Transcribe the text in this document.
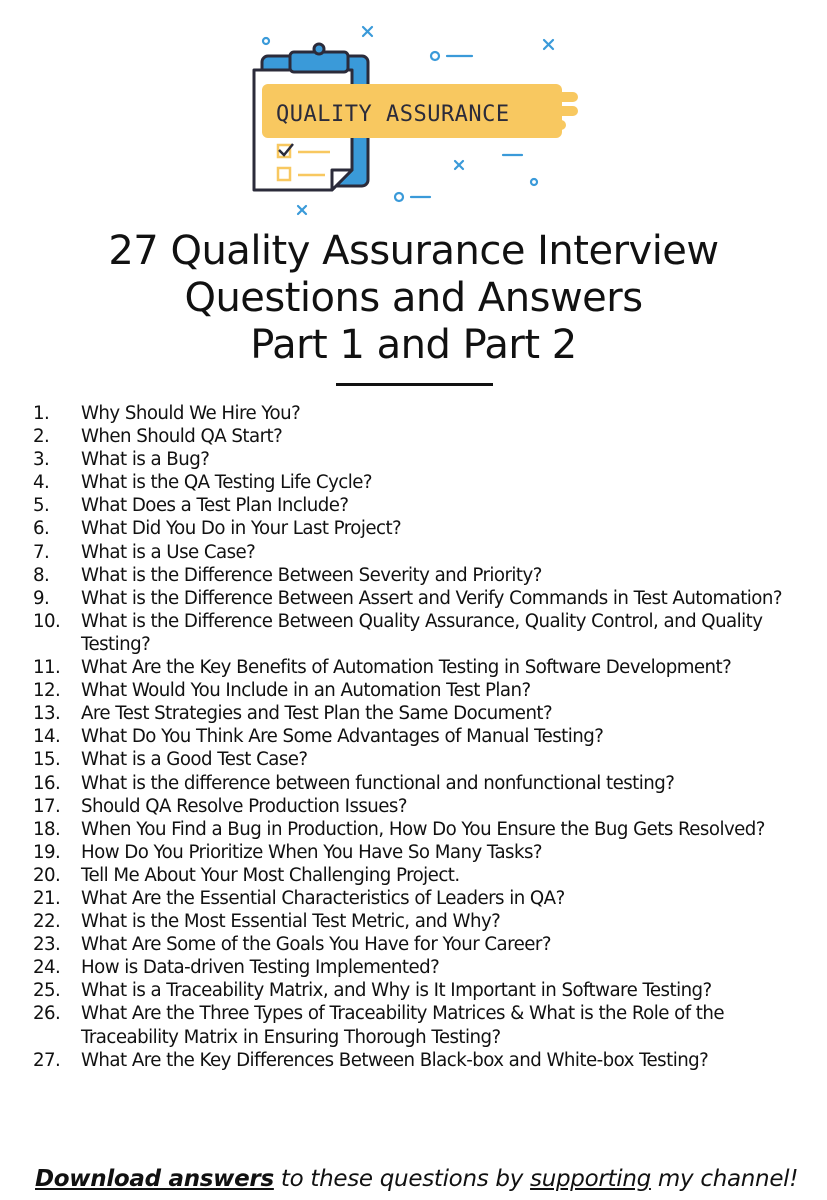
QUALITY ASSURANCE
27 Quality Assurance Interview
Questions and Answers
Part 1 and Part 2
1. Why Should We Hire You?
2. When Should QA Start?
3. What is a Bug?
4. What is the QA Testing Life Cycle?
5. What Does a Test Plan Include?
6. What Did You Do in Your Last Project?
7. What is a Use Case?
8. What is the Difference Between Severity and Priority?
9. What is the Difference Between Assert and Verify Commands in Test Automation?
10. What is the Difference Between Quality Assurance, Quality Control, and Quality Testing?
11. What Are the Key Benefits of Automation Testing in Software Development?
12. What Would You Include in an Automation Test Plan?
13. Are Test Strategies and Test Plan the Same Document?
14. What Do You Think Are Some Advantages of Manual Testing?
15. What is a Good Test Case?
16. What is the difference between functional and nonfunctional testing?
17. Should QA Resolve Production Issues?
18. When You Find a Bug in Production, How Do You Ensure the Bug Gets Resolved?
19. How Do You Prioritize When You Have So Many Tasks?
20. Tell Me About Your Most Challenging Project.
21. What Are the Essential Characteristics of Leaders in QA?
22. What is the Most Essential Test Metric, and Why?
23. What Are Some of the Goals You Have for Your Career?
24. How is Data-driven Testing Implemented?
25. What is a Traceability Matrix, and Why is It Important in Software Testing?
26. What Are the Three Types of Traceability Matrices & What is the Role of the Traceability Matrix in Ensuring Thorough Testing?
27. What Are the Key Differences Between Black-box and White-box Testing?
Download answers to these questions by supporting my channel!
